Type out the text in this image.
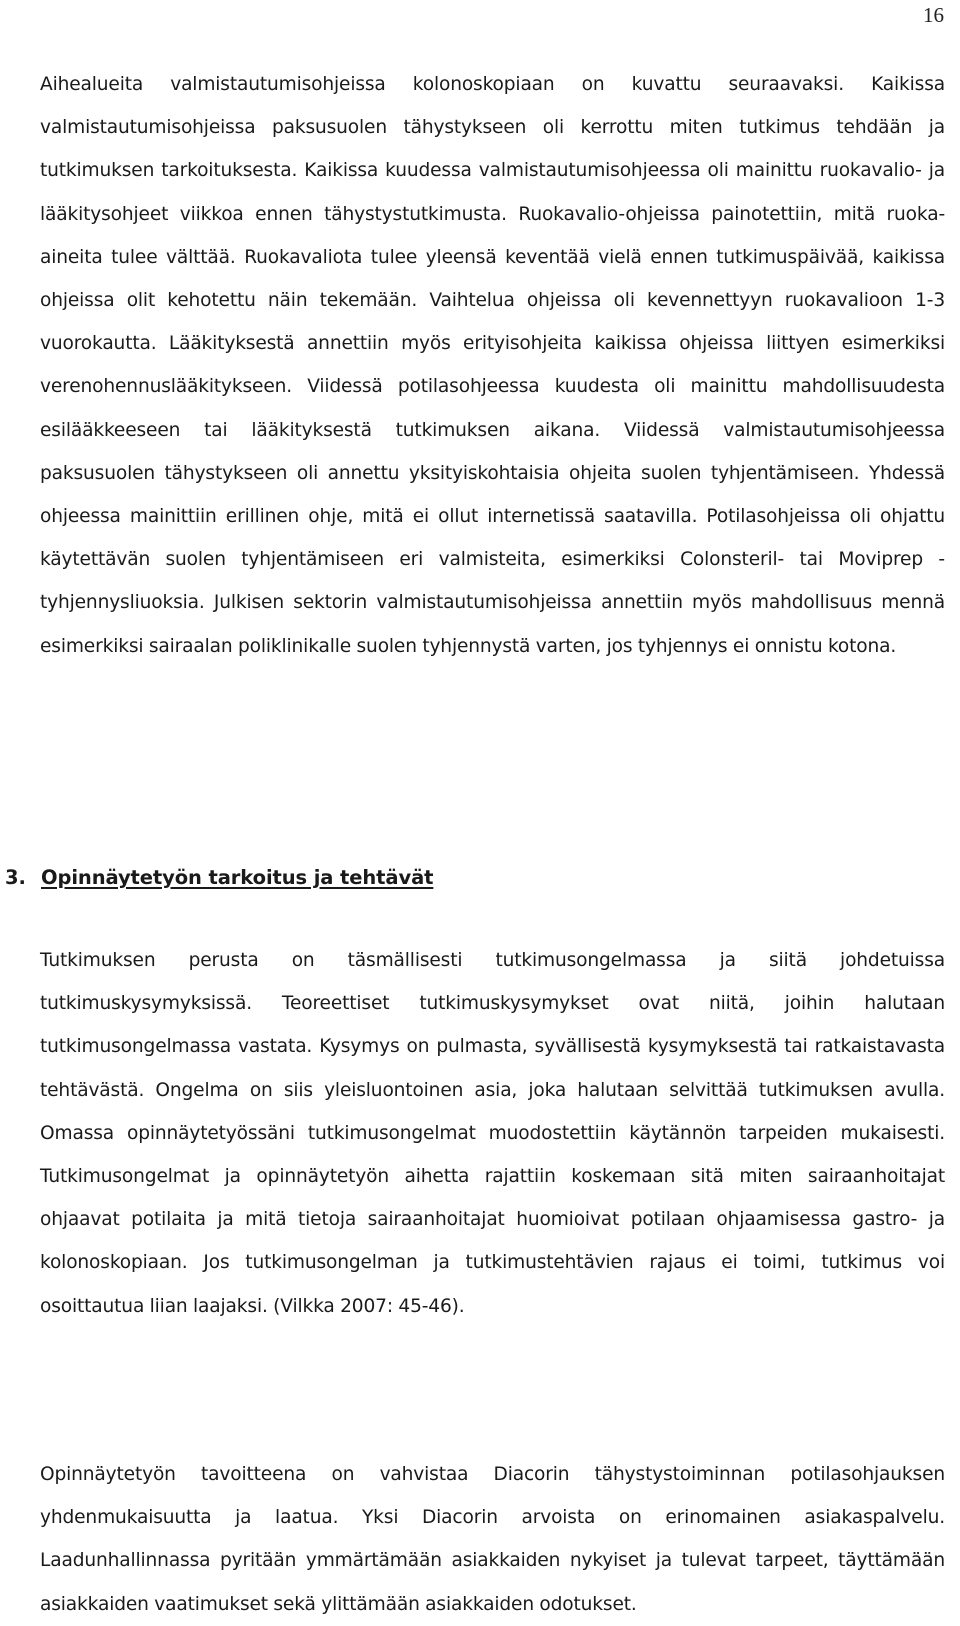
16

Aihealueita valmistautumisohjeissa kolonoskopiaan on kuvattu seuraavaksi. Kaikissa valmistautumisohjeissa paksusuolen tähystykseen oli kerrottu miten tutkimus tehdään ja tutkimuksen tarkoituksesta. Kaikissa kuudessa valmistautumisohjeessa oli mainittu ruokavalio- ja lääkitysohjeet viikkoa ennen tähystystutkimusta. Ruokavalio-ohjeissa painotettiin, mitä ruoka-aineita tulee välttää. Ruokavaliota tulee yleensä keventää vielä ennen tutkimuspäivää, kaikissa ohjeissa olit kehotettu näin tekemään. Vaihtelua ohjeissa oli kevennettyyn ruokavalioon 1-3 vuorokautta. Lääkityksestä annettiin myös erityisohjeita kaikissa ohjeissa liittyen esimerkiksi verenohennuslääkitykseen. Viidessä potilasohjeessa kuudesta oli mainittu mahdollisuudesta esilääkkeeseen tai lääkityksestä tutkimuksen aikana. Viidessä valmistautumisohjeessa paksusuolen tähystykseen oli annettu yksityiskohtaisia ohjeita suolen tyhjentämiseen. Yhdessä ohjeessa mainittiin erillinen ohje, mitä ei ollut internetissä saatavilla. Potilasohjeissa oli ohjattu käytettävän suolen tyhjentämiseen eri valmisteita, esimerkiksi Colonsteril- tai Moviprep -tyhjennysliuoksia. Julkisen sektorin valmistautumisohjeissa annettiin myös mahdollisuus mennä esimerkiksi sairaalan poliklinikalle suolen tyhjennystä varten, jos tyhjennys ei onnistu kotona.

3. Opinnäytetyön tarkoitus ja tehtävät

Tutkimuksen perusta on täsmällisesti tutkimusongelmassa ja siitä johdetuissa tutkimuskysymyksissä. Teoreettiset tutkimuskysymykset ovat niitä, joihin halutaan tutkimusongelmassa vastata. Kysymys on pulmasta, syvällisestä kysymyksestä tai ratkaistavasta tehtävästä. Ongelma on siis yleisluontoinen asia, joka halutaan selvittää tutkimuksen avulla. Omassa opinnäytetyössäni tutkimusongelmat muodostettiin käytännön tarpeiden mukaisesti. Tutkimusongelmat ja opinnäytetyön aihetta rajattiin koskemaan sitä miten sairaanhoitajat ohjaavat potilaita ja mitä tietoja sairaanhoitajat huomioivat potilaan ohjaamisessa gastro- ja kolonoskopiaan. Jos tutkimusongelman ja tutkimustehtävien rajaus ei toimi, tutkimus voi osoittautua liian laajaksi. (Vilkka 2007: 45-46).

Opinnäytetyön tavoitteena on vahvistaa Diacorin tähystystoiminnan potilasohjauksen yhdenmukaisuutta ja laatua. Yksi Diacorin arvoista on erinomainen asiakaspalvelu. Laadunhallinnassa pyritään ymmärtämään asiakkaiden nykyiset ja tulevat tarpeet, täyttämään asiakkaiden vaatimukset sekä ylittämään asiakkaiden odotukset.
